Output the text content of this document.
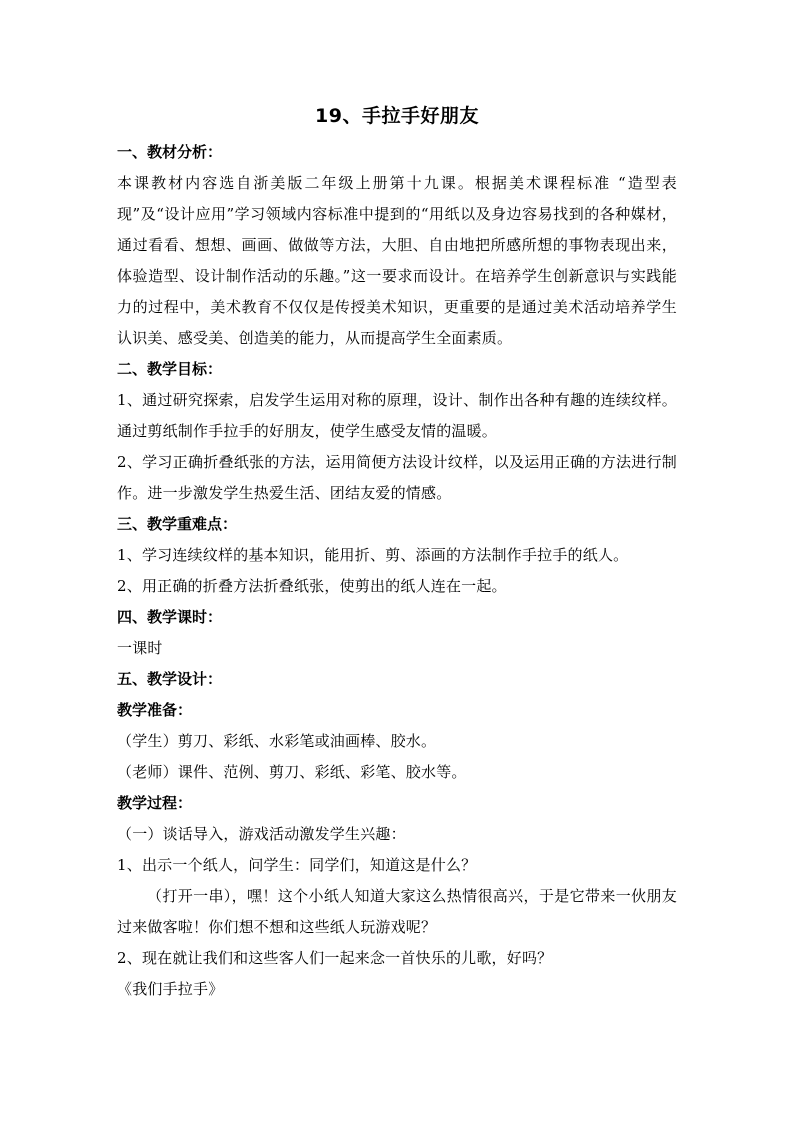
19、手拉手好朋友
一、教材分析：

本课教材内容选自浙美版二年级上册第十九课。根据美术课程标准 “造型表现”及“设计应用”学习领域内容标准中提到的“用纸以及身边容易找到的各种媒材，通过看看、想想、画画、做做等方法，大胆、自由地把所感所想的事物表现出来，体验造型、设计制作活动的乐趣。”这一要求而设计。在培养学生创新意识与实践能力的过程中，美术教育不仅仅是传授美术知识，更重要的是通过美术活动培养学生认识美、感受美、创造美的能力，从而提高学生全面素质。

二、教学目标：

1、通过研究探索，启发学生运用对称的原理，设计、制作出各种有趣的连续纹样。通过剪纸制作手拉手的好朋友，使学生感受友情的温暖。

2、学习正确折叠纸张的方法，运用简便方法设计纹样，以及运用正确的方法进行制作。进一步激发学生热爱生活、团结友爱的情感。

三、教学重难点：

1、学习连续纹样的基本知识，能用折、剪、添画的方法制作手拉手的纸人。

2、用正确的折叠方法折叠纸张，使剪出的纸人连在一起。

四、教学课时：

一课时

五、教学设计：
教学准备：

（学生）剪刀、彩纸、水彩笔或油画棒、胶水。

（老师）课件、范例、剪刀、彩纸、彩笔、胶水等。

教学过程：

（一）谈话导入，游戏活动激发学生兴趣：

1、出示一个纸人，问学生：同学们，知道这是什么？

（打开一串），嘿！这个小纸人知道大家这么热情很高兴，于是它带来一伙朋友过来做客啦！你们想不想和这些纸人玩游戏呢？

2、现在就让我们和这些客人们一起来念一首快乐的儿歌，好吗？

《我们手拉手》
